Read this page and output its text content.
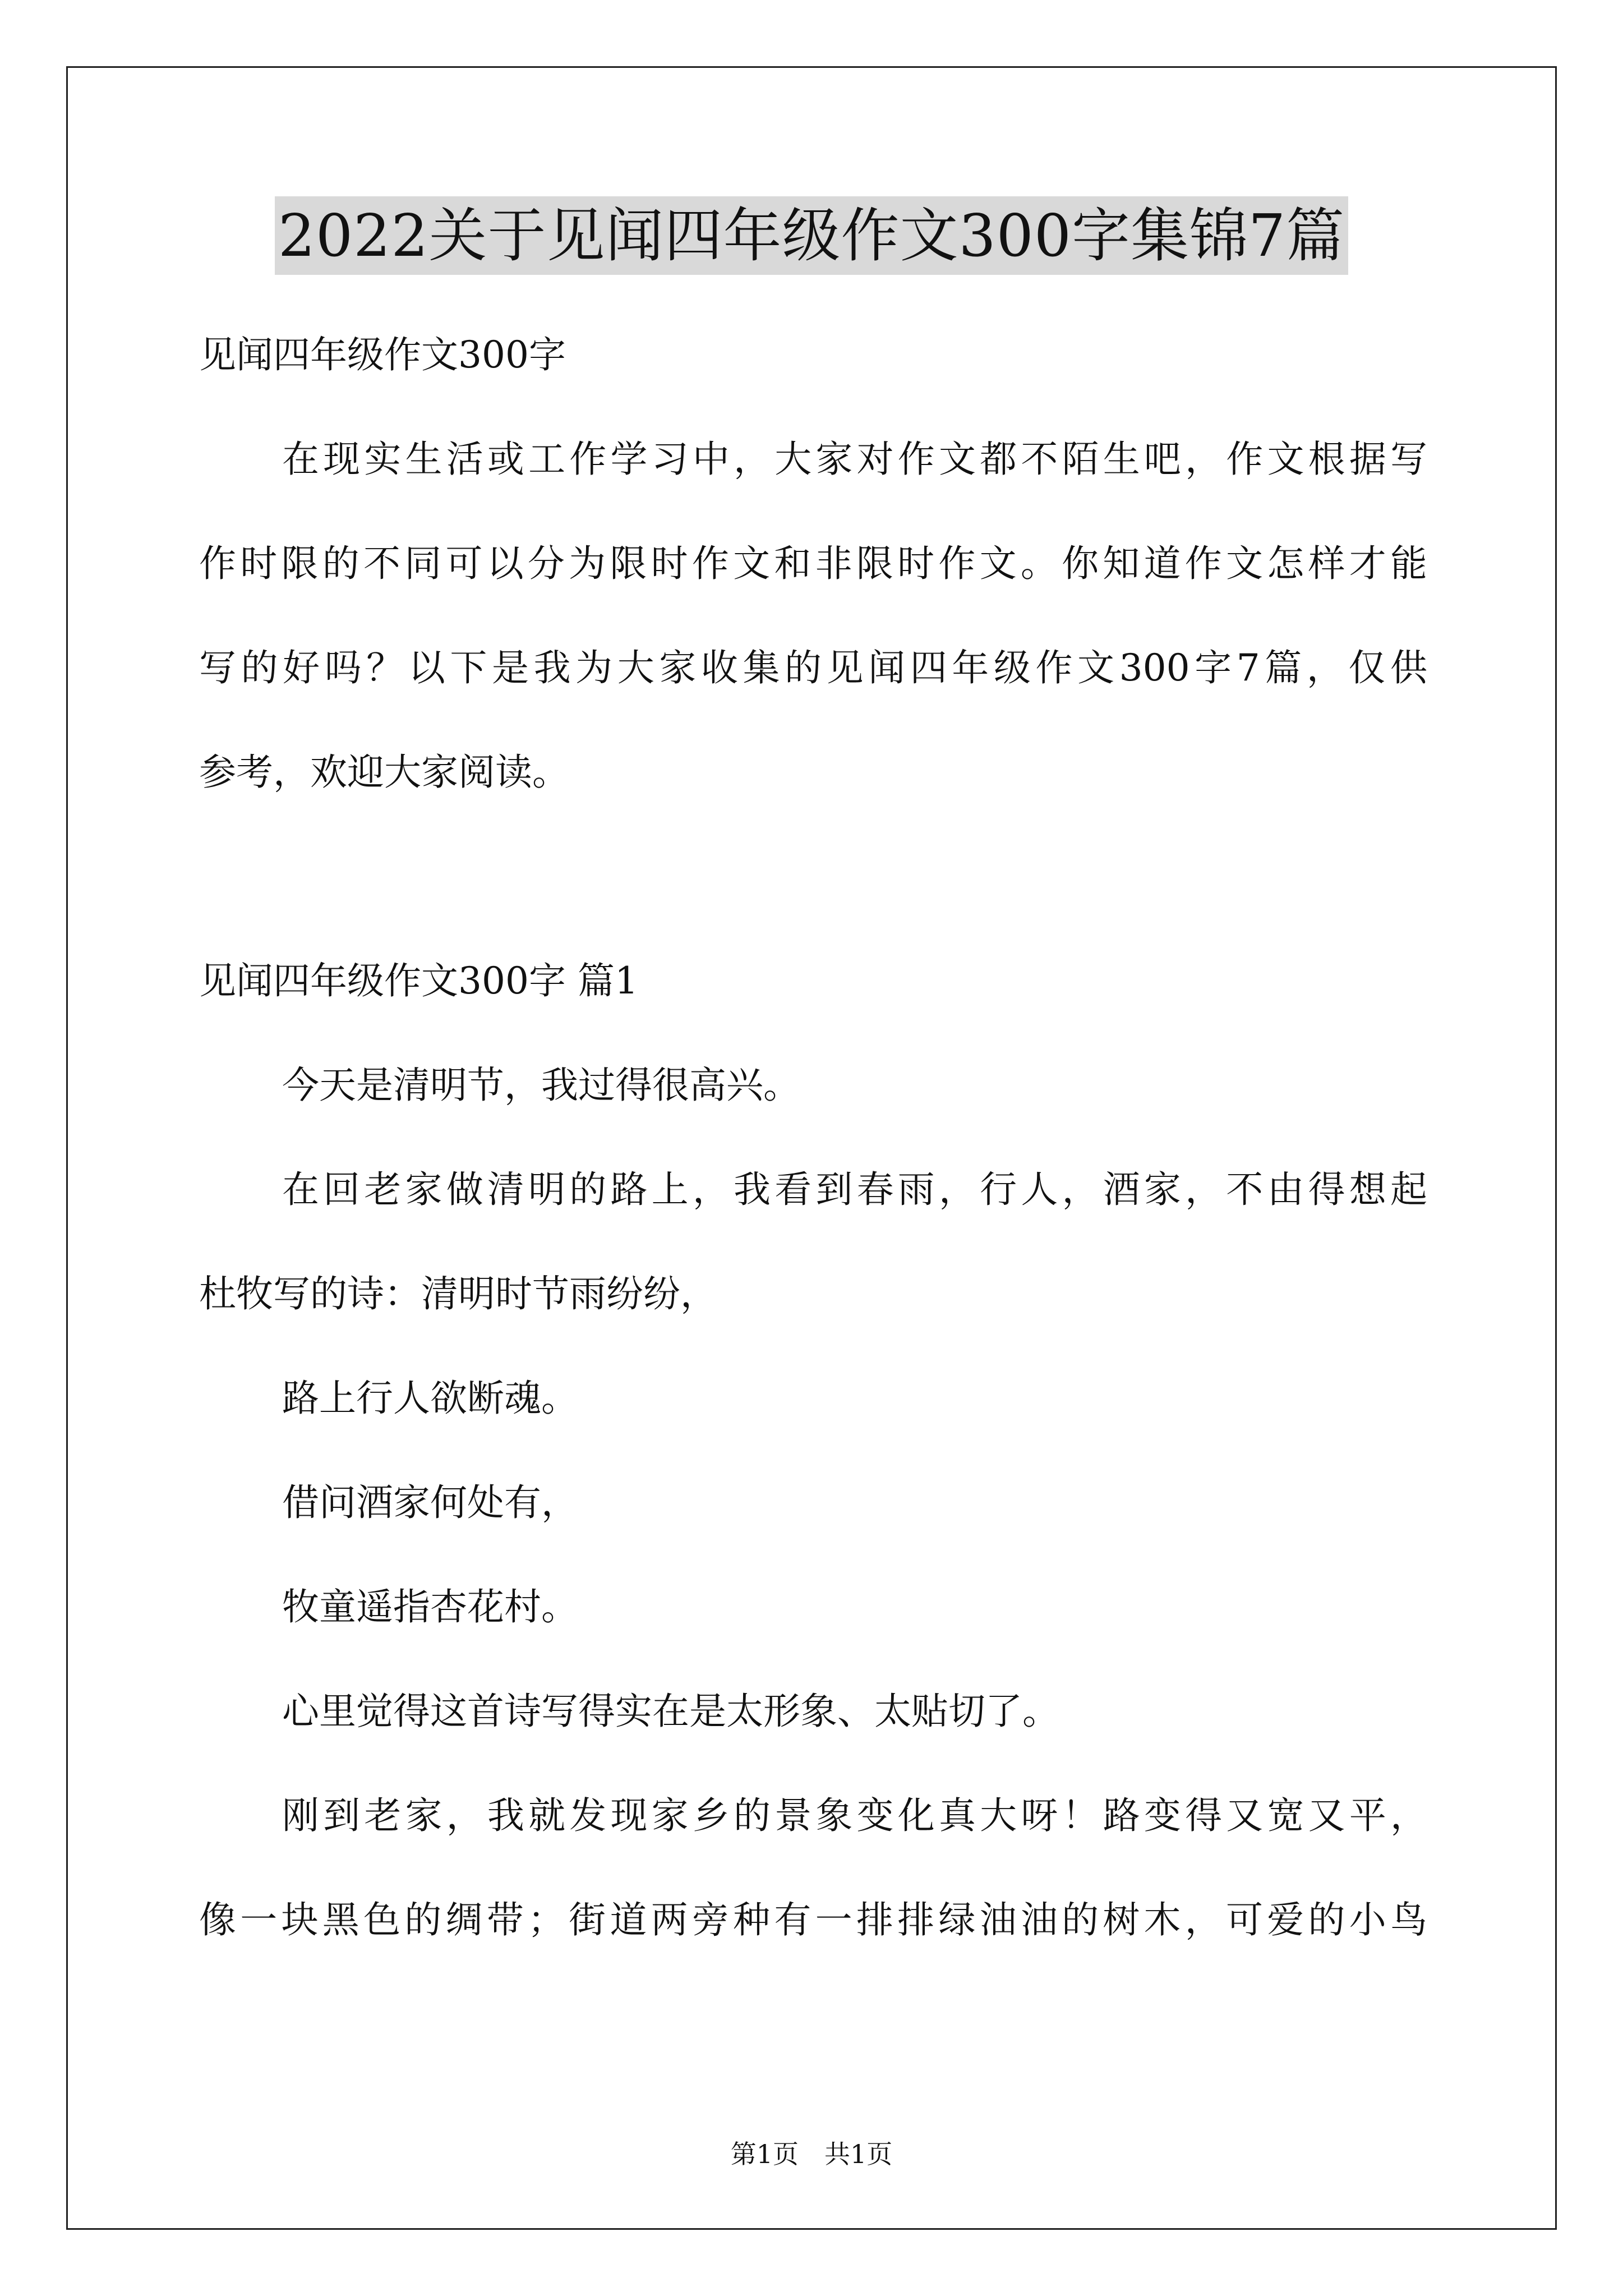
2022关于见闻四年级作文300字集锦7篇
见闻四年级作文300字
在现实生活或工作学习中，大家对作文都不陌生吧，作文根据写
作时限的不同可以分为限时作文和非限时作文。你知道作文怎样才能
写的好吗？以下是我为大家收集的见闻四年级作文300字7篇，仅供
参考，欢迎大家阅读。
见闻四年级作文300字 篇1
今天是清明节，我过得很高兴。
在回老家做清明的路上，我看到春雨，行人，酒家，不由得想起
杜牧写的诗：清明时节雨纷纷，
路上行人欲断魂。
借问酒家何处有，
牧童遥指杏花村。
心里觉得这首诗写得实在是太形象、太贴切了。
刚到老家，我就发现家乡的景象变化真大呀！路变得又宽又平，
像一块黑色的绸带；街道两旁种有一排排绿油油的树木，可爱的小鸟
第1页　共1页
